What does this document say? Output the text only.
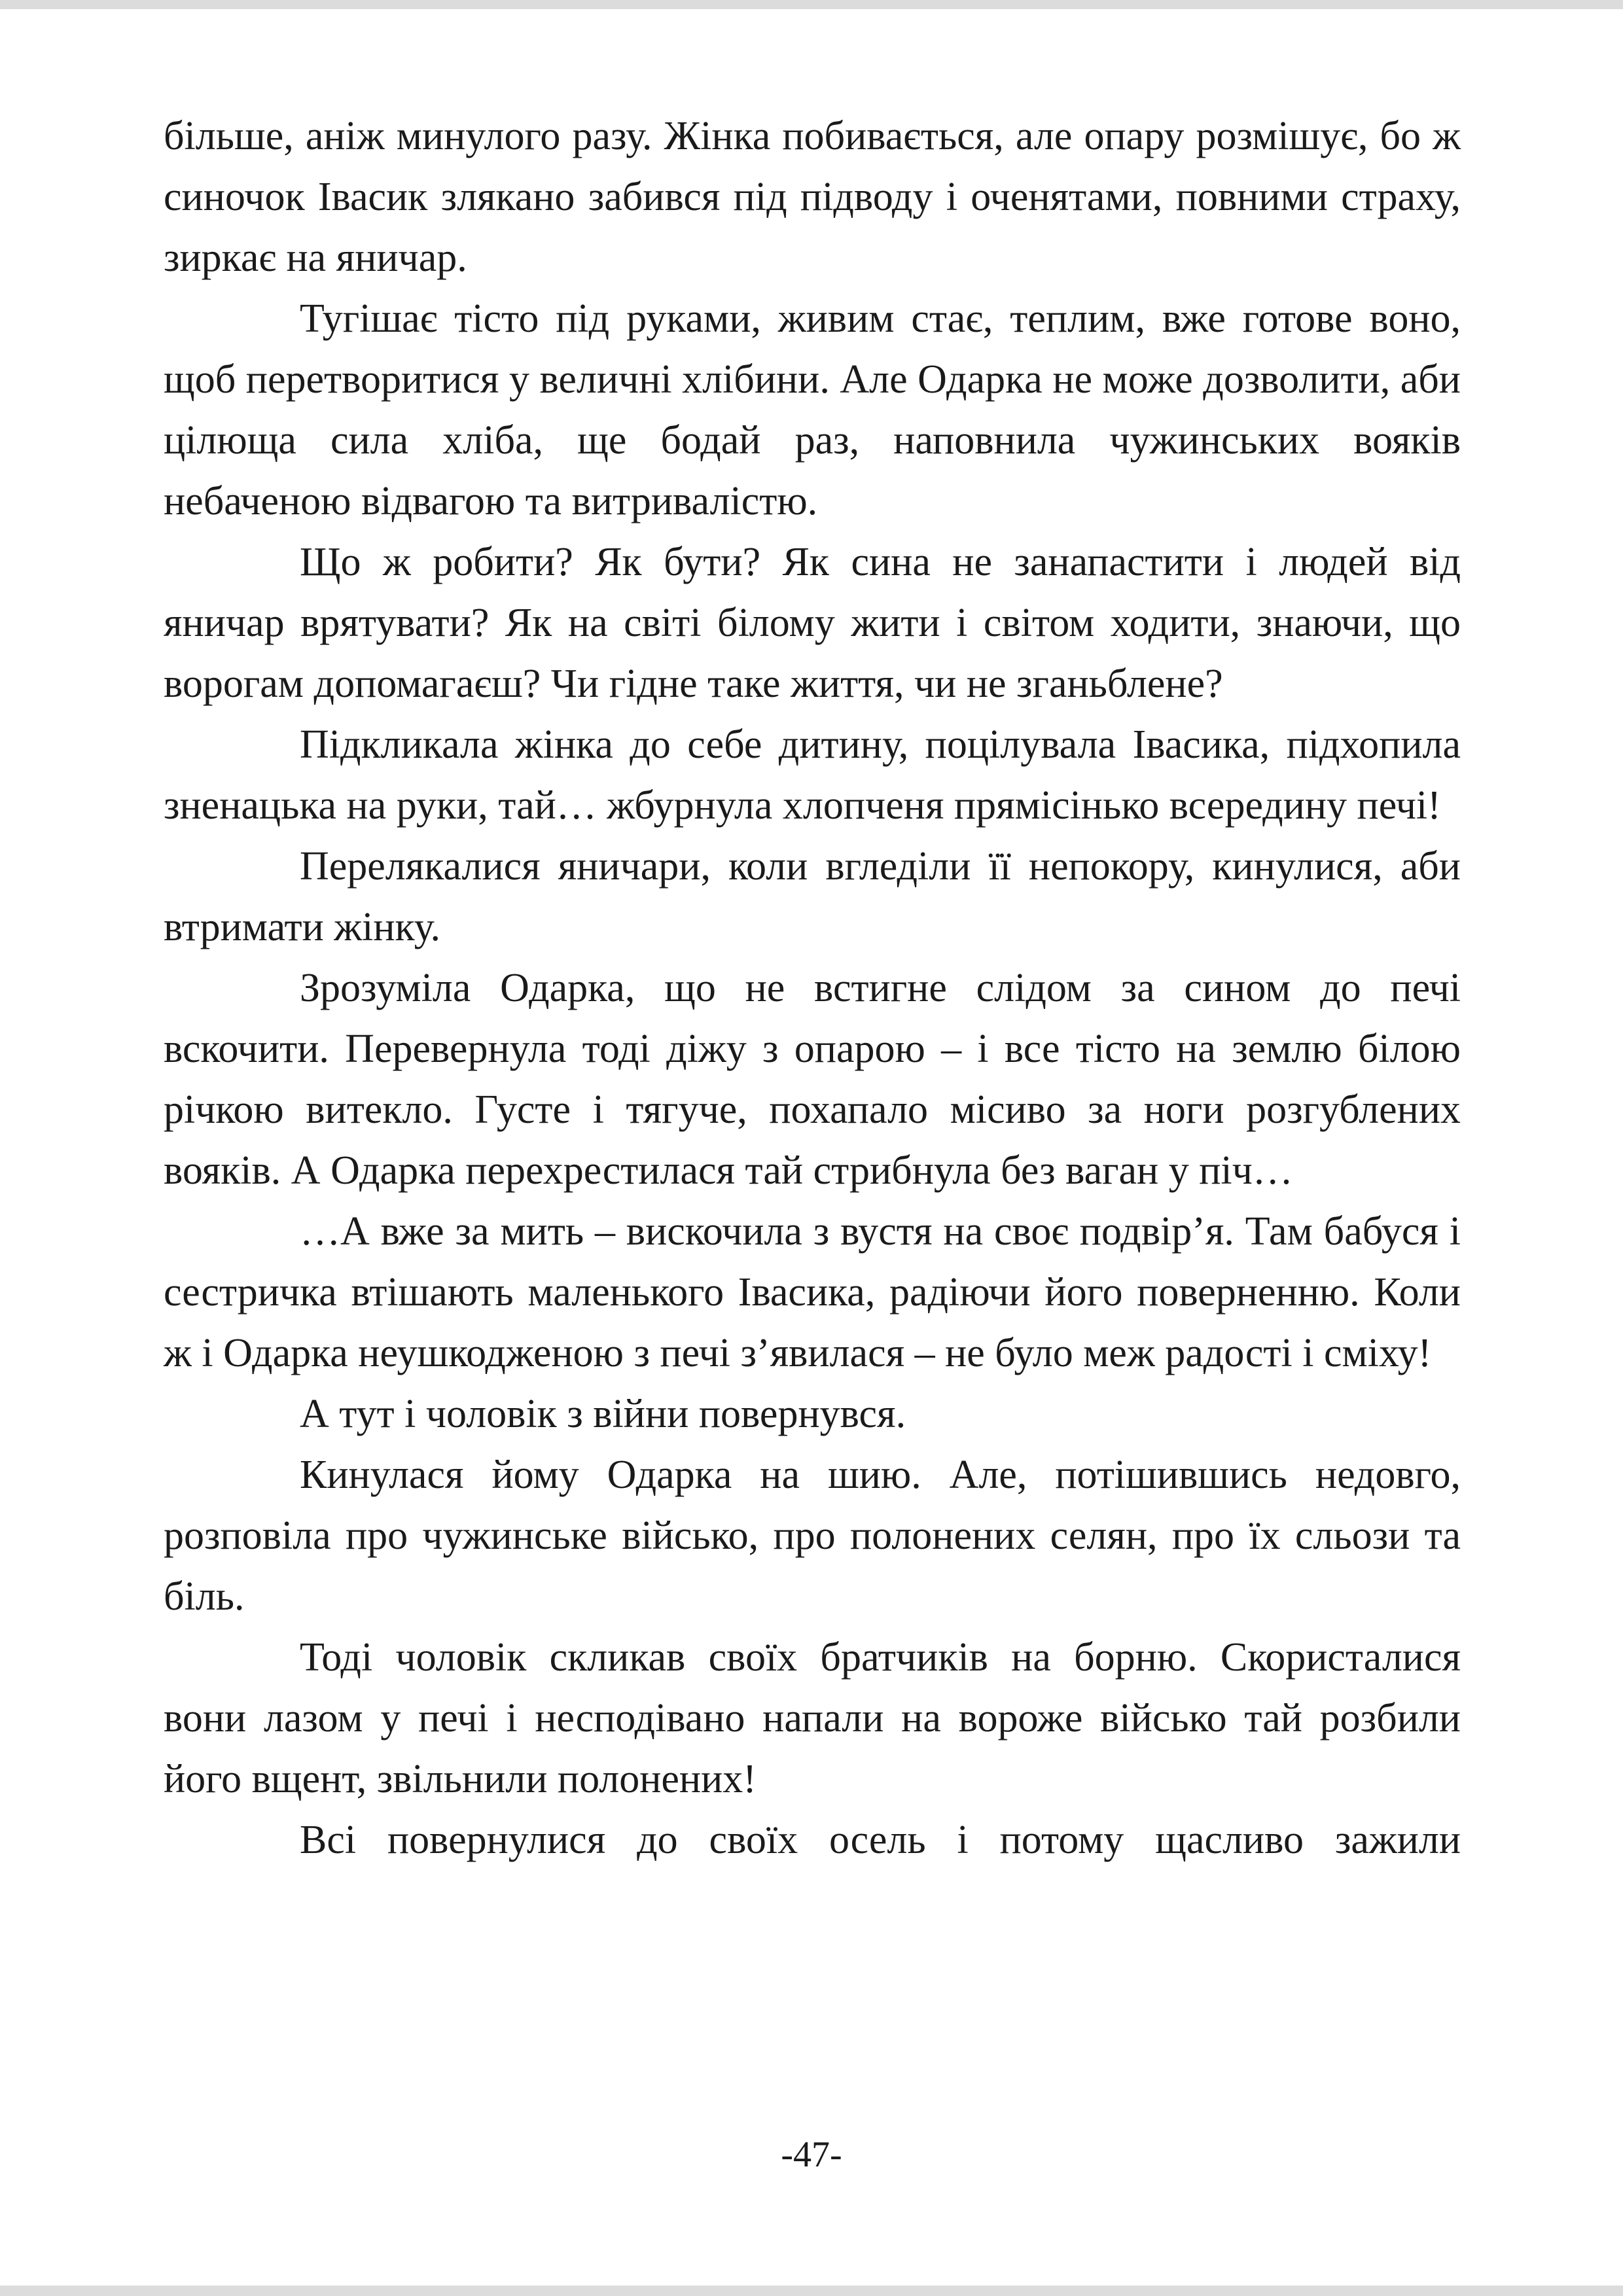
більше, аніж минулого разу. Жінка побивається, але опару розмішує, бо ж синочок Івасик злякано забився під підводу і оченятами, повними страху, зиркає на яничар.

Тугішає тісто під руками, живим стає, теплим, вже готове воно, щоб перетворитися у величні хлібини. Але Одарка не може дозволити, аби цілюща сила хліба, ще бодай раз, наповнила чужинських вояків небаченою відвагою та витривалістю.

Що ж робити? Як бути? Як сина не занапастити і людей від яничар врятувати? Як на світі білому жити і світом ходити, знаючи, що ворогам допомагаєш? Чи гідне таке життя, чи не зганьблене?

Підкликала жінка до себе дитину, поцілувала Івасика, підхопила зненацька на руки, тай… жбурнула хлопченя прямісінько всередину печі!

Перелякалися яничари, коли вгледіли її непокору, кинулися, аби втримати жінку.

Зрозуміла Одарка, що не встигне слідом за сином до печі вскочити. Перевернула тоді діжу з опарою – і все тісто на землю білою річкою витекло. Густе і тягуче, похапало місиво за ноги розгублених вояків. А Одарка перехрестилася тай стрибнула без ваган у піч…

…А вже за мить – вискочила з вустя на своє подвір’я. Там бабуся і сестричка втішають маленького Івасика, радіючи його поверненню. Коли ж і Одарка неушкодженою з печі з’явилася – не було меж радості і сміху!

А тут і чоловік з війни повернувся.

Кинулася йому Одарка на шию. Але, потішившись недовго, розповіла про чужинське військо, про полонених селян, про їх сльози та біль.

Тоді чоловік скликав своїх братчиків на борню. Скористалися вони лазом у печі і несподівано напали на вороже військо тай розбили його вщент, звільнили полонених!

Всі повернулися до своїх осель і потому щасливо зажили

-47-
